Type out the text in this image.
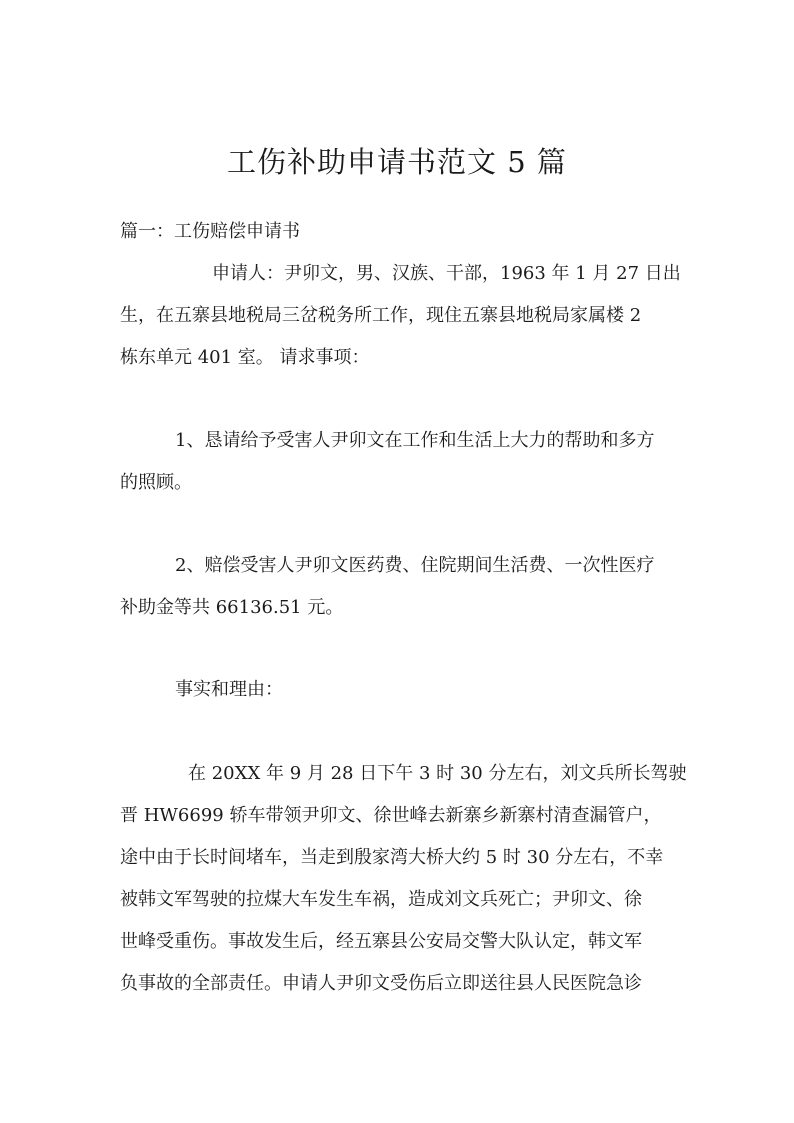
工伤补助申请书范文 5 篇

篇一：工伤赔偿申请书

申请人：尹卯文，男、汉族、干部，1963 年 1 月 27 日出

生，在五寨县地税局三岔税务所工作，现住五寨县地税局家属楼 2

栋东单元 401 室。 请求事项：

1、恳请给予受害人尹卯文在工作和生活上大力的帮助和多方

的照顾。

2、赔偿受害人尹卯文医药费、住院期间生活费、一次性医疗

补助金等共 66136.51 元。

事实和理由：

在 20XX 年 9 月 28 日下午 3 时 30 分左右，刘文兵所长驾驶

晋 HW6699 轿车带领尹卯文、徐世峰去新寨乡新寨村清查漏管户，

途中由于长时间堵车，当走到殷家湾大桥大约 5 时 30 分左右，不幸

被韩文军驾驶的拉煤大车发生车祸，造成刘文兵死亡；尹卯文、徐

世峰受重伤。事故发生后，经五寨县公安局交警大队认定，韩文军

负事故的全部责任。申请人尹卯文受伤后立即送往县人民医院急诊
